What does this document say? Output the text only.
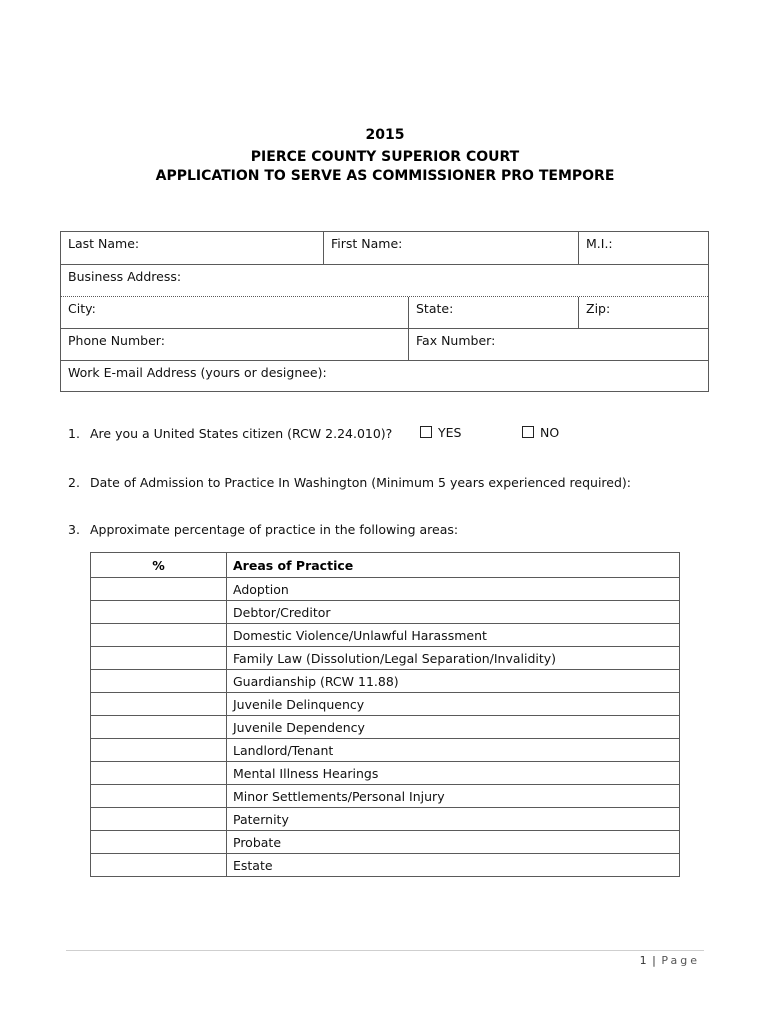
2015
PIERCE COUNTY SUPERIOR COURT
APPLICATION TO SERVE AS COMMISSIONER PRO TEMPORE
Last Name:	First Name:	M.I.:
Business Address:
City:	State:	Zip:
Phone Number:	Fax Number:
Work E-mail Address (yours or designee):
1. Are you a United States citizen (RCW 2.24.010)?	YES	NO
2. Date of Admission to Practice In Washington (Minimum 5 years experienced required):
3. Approximate percentage of practice in the following areas:
%	Areas of Practice
	Adoption
	Debtor/Creditor
	Domestic Violence/Unlawful Harassment
	Family Law (Dissolution/Legal Separation/Invalidity)
	Guardianship (RCW 11.88)
	Juvenile Delinquency
	Juvenile Dependency
	Landlord/Tenant
	Mental Illness Hearings
	Minor Settlements/Personal Injury
	Paternity
	Probate
	Estate
1 | Page
